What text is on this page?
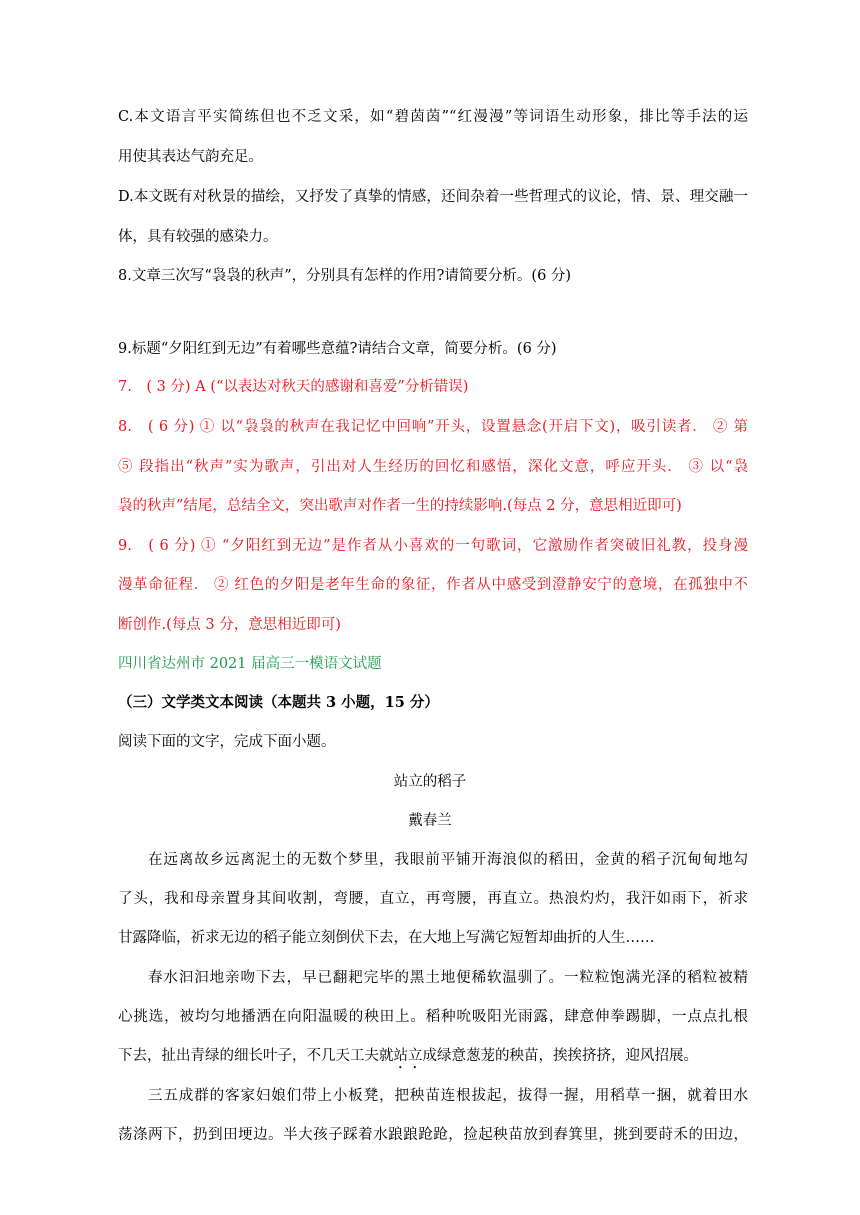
C.本文语言平实简练但也不乏文采，如“碧茵茵”“红漫漫”等词语生动形象，排比等手法的运
用使其表达气韵充足。
D.本文既有对秋景的描绘，又抒发了真挚的情感，还间杂着一些哲理式的议论，情、景、理交融一
体，具有较强的感染力。
8.文章三次写“袅袅的秋声”，分别具有怎样的作用?请简要分析。(6 分)
9.标题“夕阳红到无边”有着哪些意蕴?请结合文章，简要分析。(6 分)
7.　( 3 分) A (“以表达对秋天的感谢和喜爱”分析错误)
8.　( 6 分) ① 以“袅袅的秋声在我记忆中回响”开头，设置悬念(开启下文)，吸引读者． ② 第
⑤ 段指出“秋声”实为歌声，引出对人生经历的回忆和感悟，深化文意，呼应开头． ③ 以“袅
袅的秋声”结尾，总结全文，突出歌声对作者一生的持续影响.(每点 2 分，意思相近即可)
9.　( 6 分) ① “夕阳红到无边”是作者从小喜欢的一句歌词，它激励作者突破旧礼教，投身漫
漫革命征程． ② 红色的夕阳是老年生命的象征，作者从中感受到澄静安宁的意境，在孤独中不
断创作.(每点 3 分，意思相近即可)
四川省达州市 2021 届高三一模语文试题
（三）文学类文本阅读（本题共 3 小题，15 分）
阅读下面的文字，完成下面小题。
站立的稻子
戴春兰
在远离故乡远离泥土的无数个梦里，我眼前平铺开海浪似的稻田，金黄的稻子沉甸甸地勾
了头，我和母亲置身其间收割，弯腰，直立，再弯腰，再直立。热浪灼灼，我汗如雨下，祈求
甘露降临，祈求无边的稻子能立刻倒伏下去，在大地上写满它短暂却曲折的人生……
春水汩汩地亲吻下去，早已翻耙完毕的黑土地便稀软温驯了。一粒粒饱满光泽的稻粒被精
心挑选，被均匀地播洒在向阳温暖的秧田上。稻种吮吸阳光雨露，肆意伸拳踢脚，一点点扎根
下去，扯出青绿的细长叶子，不几天工夫就站立成绿意葱茏的秧苗，挨挨挤挤，迎风招展。
三五成群的客家妇娘们带上小板凳，把秧苗连根拔起，拔得一握，用稻草一捆，就着田水
荡涤两下，扔到田埂边。半大孩子踩着水踉踉跄跄，捡起秧苗放到舂箕里，挑到要莳禾的田边，
